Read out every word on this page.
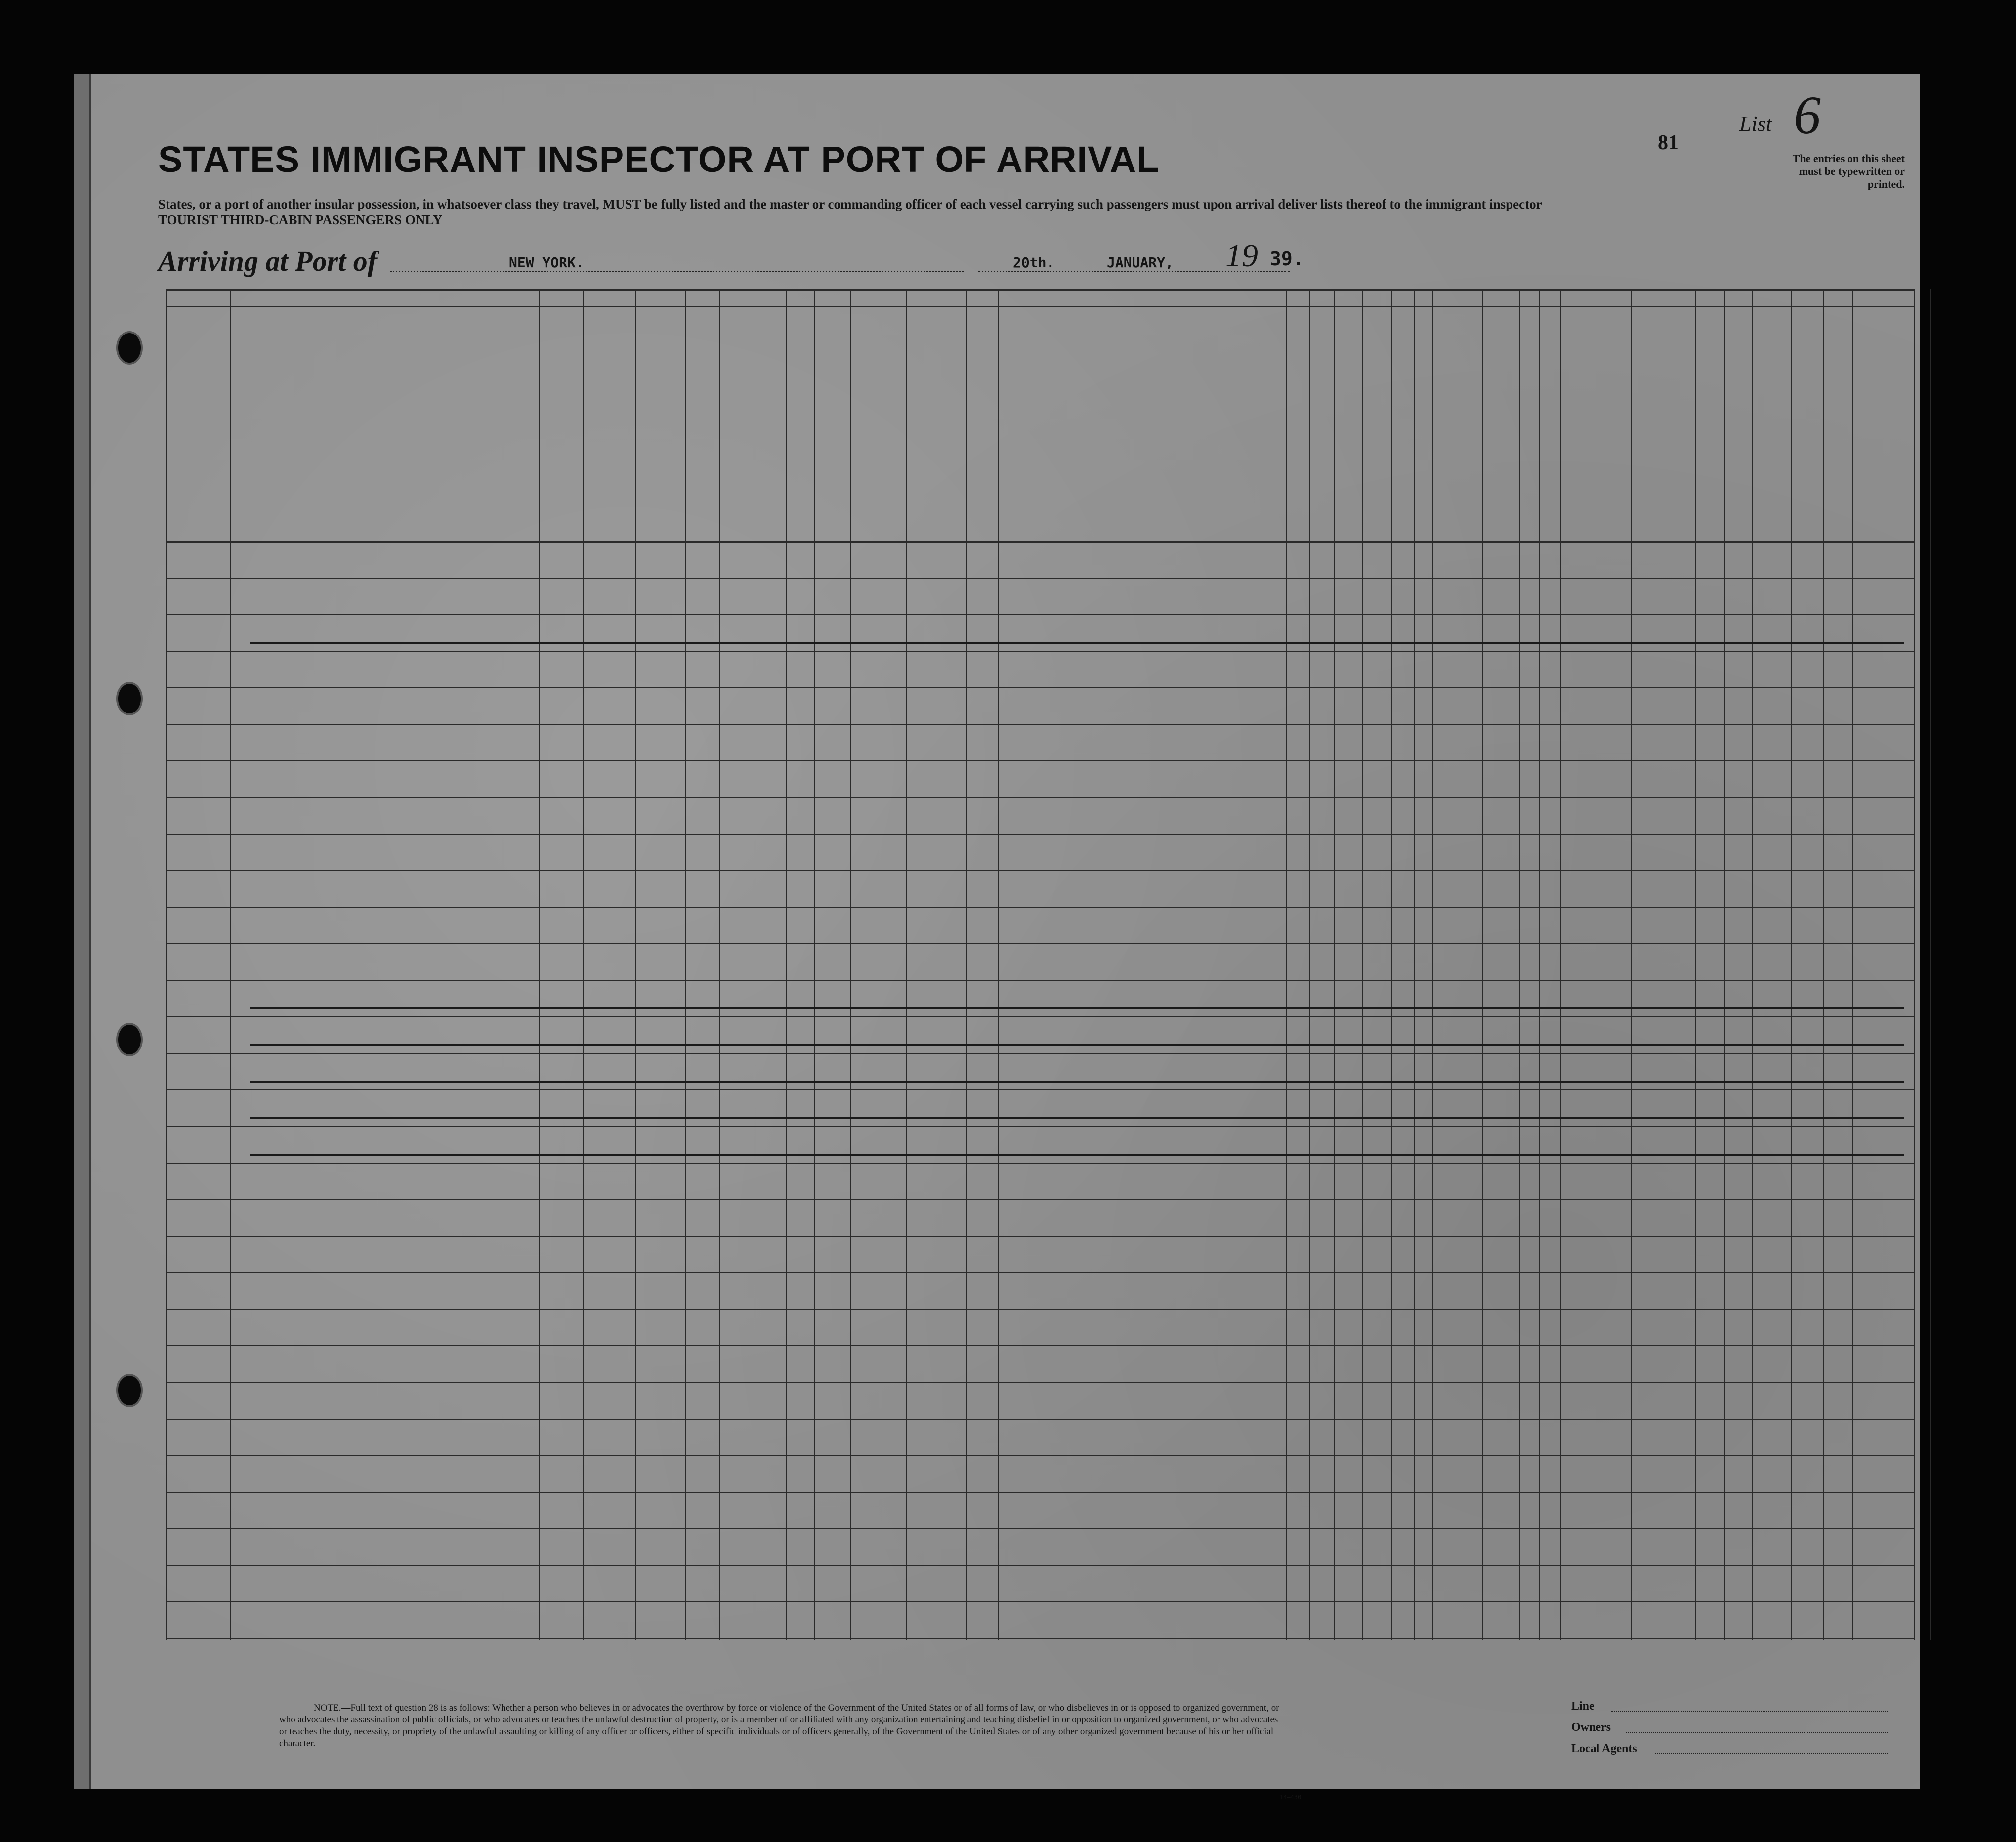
STATES IMMIGRANT INSPECTOR AT PORT OF ARRIVAL	81
List 6
The entries on this sheet must be typewritten or printed.
States, or a port of another insular possession, in whatsoever class they travel, MUST be fully listed and the master or commanding officer of each vessel carrying such passengers must upon arrival deliver lists thereof to the immigrant inspector
TOURIST THIRD-CABIN PASSENGERS ONLY
Arriving at Port of	NEW YORK.	20th.	JANUARY, 19 39.
NOTE.—Full text of question 28 is as follows: Whether a person who believes in or advocates the overthrow by force or violence of the Government of the United States or of all forms of law, or who disbelieves in or is opposed to organized government, or who advocates the assassination of public officials, or who advocates or teaches the unlawful destruction of property, or is a member of or affiliated with any organization entertaining and teaching disbelief in or opposition to organized government, or who advocates or teaches the duty, necessity, or propriety of the unlawful assaulting or killing of any officer or officers, either of specific individuals or of officers generally, of the Government of the United States or of any other organized government because of his or her official character.
Line
Owners
Local Agents
14—430
